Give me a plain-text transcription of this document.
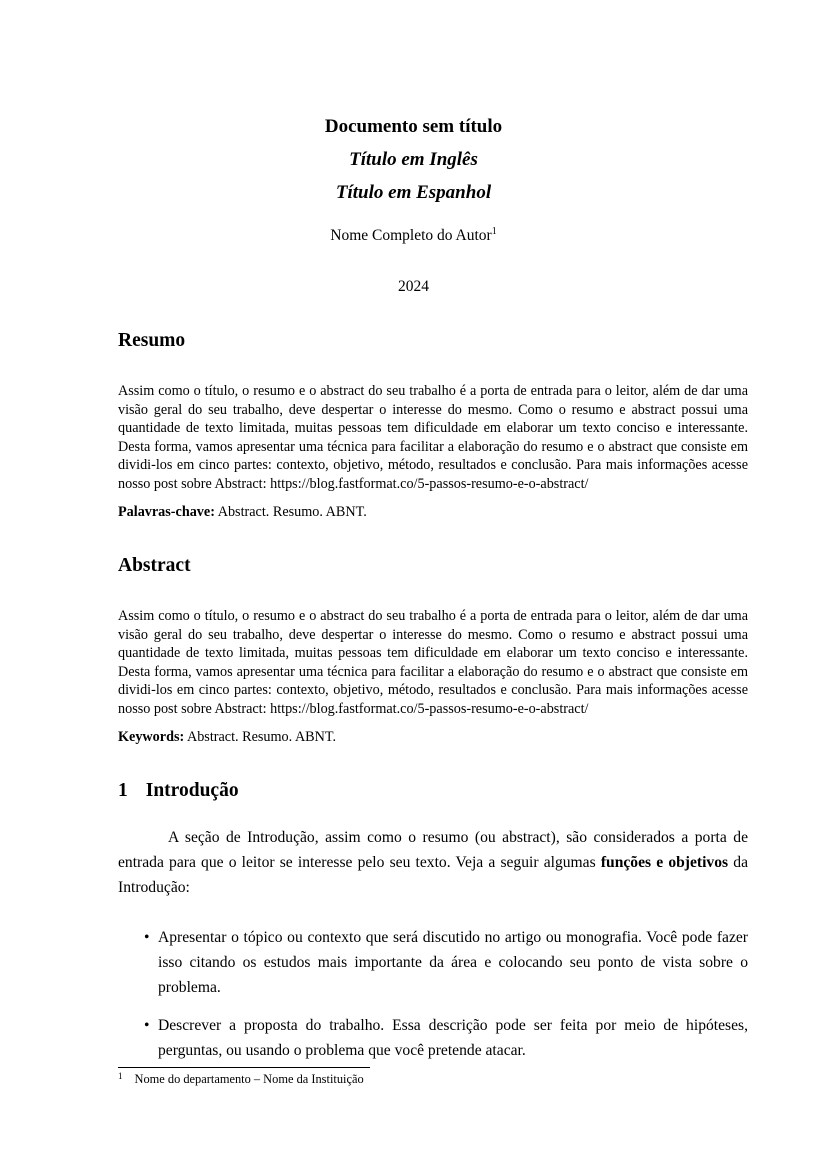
Documento sem título
Título em Inglês
Título em Espanhol
Nome Completo do Autor$^1$
2024
Resumo
Assim como o título, o resumo e o abstract do seu trabalho é a porta de entrada para o leitor, além de dar uma visão geral do seu trabalho, deve despertar o interesse do mesmo. Como o resumo e abstract possui uma quantidade de texto limitada, muitas pessoas tem dificuldade em elaborar um texto conciso e interessante. Desta forma, vamos apresentar uma técnica para facilitar a elaboração do resumo e o abstract que consiste em dividi-los em cinco partes: contexto, objetivo, método, resultados e conclusão. Para mais informações acesse nosso post sobre Abstract: https://blog.fastformat.co/5-passos-resumo-e-o-abstract/
Palavras-chave: Abstract. Resumo. ABNT.
Abstract
Assim como o título, o resumo e o abstract do seu trabalho é a porta de entrada para o leitor, além de dar uma visão geral do seu trabalho, deve despertar o interesse do mesmo. Como o resumo e abstract possui uma quantidade de texto limitada, muitas pessoas tem dificuldade em elaborar um texto conciso e interessante. Desta forma, vamos apresentar uma técnica para facilitar a elaboração do resumo e o abstract que consiste em dividi-los em cinco partes: contexto, objetivo, método, resultados e conclusão. Para mais informações acesse nosso post sobre Abstract: https://blog.fastformat.co/5-passos-resumo-e-o-abstract/
Keywords: Abstract. Resumo. ABNT.
1 Introdução
A seção de Introdução, assim como o resumo (ou abstract), são considerados a porta de entrada para que o leitor se interesse pelo seu texto. Veja a seguir algumas funções e objetivos da Introdução:
• Apresentar o tópico ou contexto que será discutido no artigo ou monografia. Você pode fazer isso citando os estudos mais importante da área e colocando seu ponto de vista sobre o problema.
• Descrever a proposta do trabalho. Essa descrição pode ser feita por meio de hipóteses, perguntas, ou usando o problema que você pretende atacar.
$^1$ Nome do departamento – Nome da Instituição
